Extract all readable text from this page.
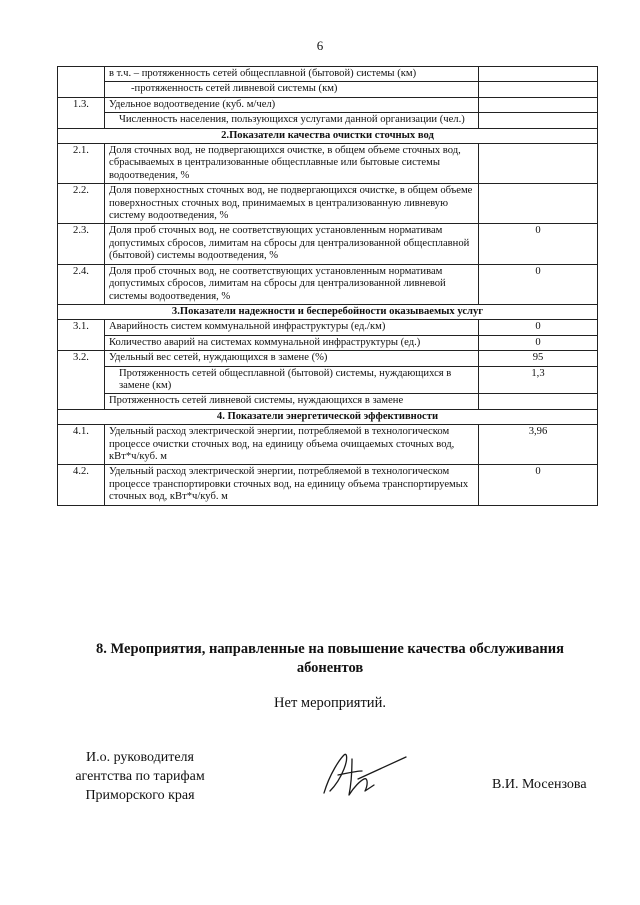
6
	в т.ч. – протяженность сетей общесплавной (бытовой) системы (км)	
	-протяженность сетей ливневой системы (км)	
1.3.	Удельное водоотведение (куб. м/чел)	
	Численность населения, пользующихся услугами данной организации (чел.)	
2.Показатели качества очистки сточных вод		
2.1.	Доля сточных вод, не подвергающихся очистке, в общем объеме сточных вод, сбрасываемых в централизованные общесплавные или бытовые системы водоотведения, %	
2.2.	Доля поверхностных сточных вод, не подвергающихся очистке, в общем объеме поверхностных сточных вод, принимаемых в централизованную ливневую систему водоотведения, %	
2.3.	Доля проб сточных вод, не соответствующих установленным нормативам допустимых сбросов, лимитам на сбросы для централизованной общесплавной (бытовой) системы водоотведения, %	0
2.4.	Доля проб сточных вод, не соответствующих установленным нормативам допустимых сбросов, лимитам на сбросы для централизованной ливневой системы водоотведения, %	0
3.Показатели надежности и бесперебойности оказываемых услуг		
3.1.	Аварийность систем коммунальной инфраструктуры (ед./км)	0
	Количество аварий на системах коммунальной инфраструктуры (ед.)	0
3.2.	Удельный вес сетей, нуждающихся в замене (%)	95
	Протяженность сетей общесплавной (бытовой) системы, нуждающихся в замене (км)	1,3
	Протяженность сетей ливневой системы, нуждающихся в замене	
4. Показатели энергетической эффективности		
4.1.	Удельный расход электрической энергии, потребляемой в технологическом процессе очистки сточных вод, на единицу объема очищаемых сточных вод, кВт*ч/куб. м	3,96
4.2.	Удельный расход электрической энергии, потребляемой в технологическом процессе транспортировки сточных вод, на единицу объема транспортируемых сточных вод, кВт*ч/куб. м	0
8. Мероприятия, направленные на повышение качества обслуживания абонентов
Нет мероприятий.
И.о. руководителя агентства по тарифам Приморского края
В.И. Мосензова
